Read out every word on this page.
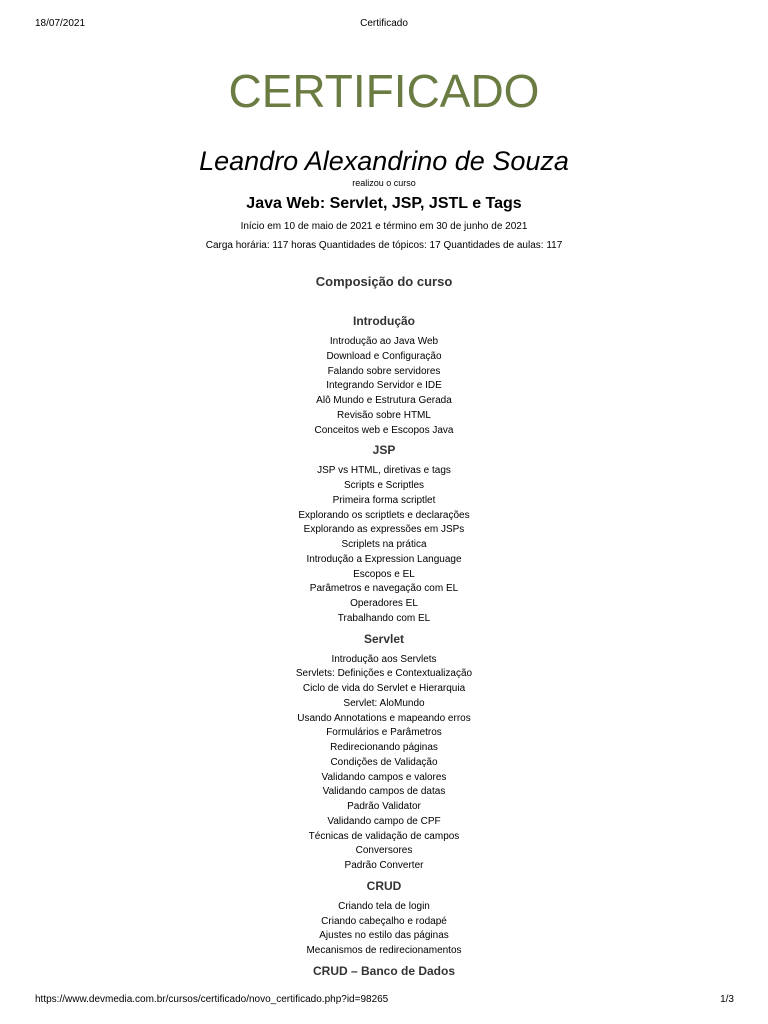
18/07/2021	Certificado
CERTIFICADO
Leandro Alexandrino de Souza
realizou o curso
Java Web: Servlet, JSP, JSTL e Tags
Início em 10 de maio de 2021 e término em 30 de junho de 2021
Carga horária: 117 horas Quantidades de tópicos: 17 Quantidades de aulas: 117
Composição do curso
Introdução
Introdução ao Java Web
Download e Configuração
Falando sobre servidores
Integrando Servidor e IDE
Alô Mundo e Estrutura Gerada
Revisão sobre HTML
Conceitos web e Escopos Java
JSP
JSP vs HTML, diretivas e tags
Scripts e Scriptles
Primeira forma scriptlet
Explorando os scriptlets e declarações
Explorando as expressões em JSPs
Scriplets na prática
Introdução a Expression Language
Escopos e EL
Parâmetros e navegação com EL
Operadores EL
Trabalhando com EL
Servlet
Introdução aos Servlets
Servlets: Definições e Contextualização
Ciclo de vida do Servlet e Hierarquia
Servlet: AloMundo
Usando Annotations e mapeando erros
Formulários e Parâmetros
Redirecionando páginas
Condições de Validação
Validando campos e valores
Validando campos de datas
Padrão Validator
Validando campo de CPF
Técnicas de validação de campos
Conversores
Padrão Converter
CRUD
Criando tela de login
Criando cabeçalho e rodapé
Ajustes no estilo das páginas
Mecanismos de redirecionamentos
CRUD – Banco de Dados
https://www.devmedia.com.br/cursos/certificado/novo_certificado.php?id=98265	1/3
